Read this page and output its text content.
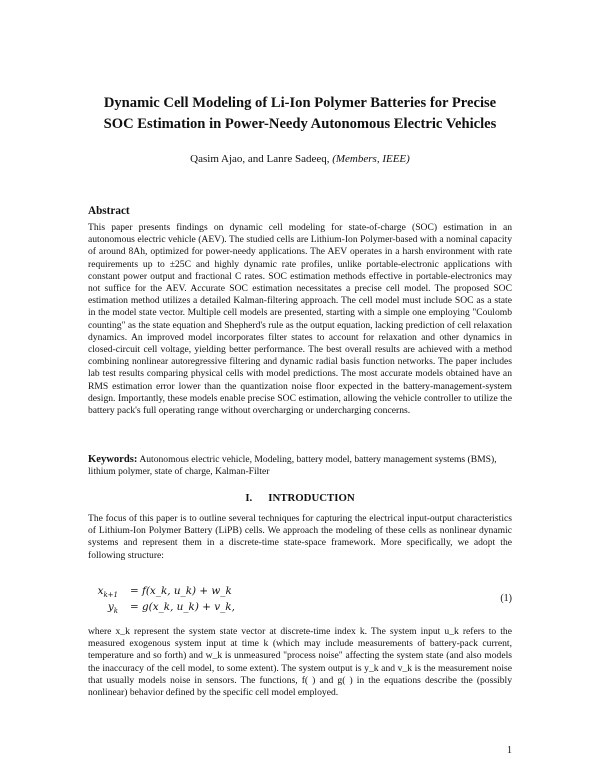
Dynamic Cell Modeling of Li-Ion Polymer Batteries for Precise
SOC Estimation in Power-Needy Autonomous Electric Vehicles
Qasim Ajao, and Lanre Sadeeq, (Members, IEEE)
Abstract

This paper presents findings on dynamic cell modeling for state-of-charge (SOC) estimation in an autonomous electric vehicle (AEV). The studied cells are Lithium-Ion Polymer-based with a nominal capacity of around 8Ah, optimized for power-needy applications. The AEV operates in a harsh environment with rate requirements up to ±25C and highly dynamic rate profiles, unlike portable-electronic applications with constant power output and fractional C rates. SOC estimation methods effective in portable-electronics may not suffice for the AEV. Accurate SOC estimation necessitates a precise cell model. The proposed SOC estimation method utilizes a detailed Kalman-filtering approach. The cell model must include SOC as a state in the model state vector. Multiple cell models are presented, starting with a simple one employing "Coulomb counting" as the state equation and Shepherd's rule as the output equation, lacking prediction of cell relaxation dynamics. An improved model incorporates filter states to account for relaxation and other dynamics in closed-circuit cell voltage, yielding better performance. The best overall results are achieved with a method combining nonlinear autoregressive filtering and dynamic radial basis function networks. The paper includes lab test results comparing physical cells with model predictions. The most accurate models obtained have an RMS estimation error lower than the quantization noise floor expected in the battery-management-system design. Importantly, these models enable precise SOC estimation, allowing the vehicle controller to utilize the battery pack's full operating range without overcharging or undercharging concerns.

Keywords: Autonomous electric vehicle, Modeling, battery model, battery management systems (BMS), lithium polymer, state of charge, Kalman-Filter

I. INTRODUCTION

The focus of this paper is to outline several techniques for capturing the electrical input-output characteristics of Lithium-Ion Polymer Battery (LiPB) cells. We approach the modeling of these cells as nonlinear dynamic systems and represent them in a discrete-time state-space framework. More specifically, we adopt the following structure:

$x_{k+1}$ = f(x_k, u_k) + w_k
$y_k$ = g(x_k, u_k) + v_k,
(1)

where x_k represent the system state vector at discrete-time index k. The system input u_k refers to the measured exogenous system input at time k (which may include measurements of battery-pack current, temperature and so forth) and w_k is unmeasured "process noise" affecting the system state (and also models the inaccuracy of the cell model, to some extent). The system output is y_k and v_k is the measurement noise that usually models noise in sensors. The functions, f( ) and g( ) in the equations describe the (possibly nonlinear) behavior defined by the specific cell model employed.

1
